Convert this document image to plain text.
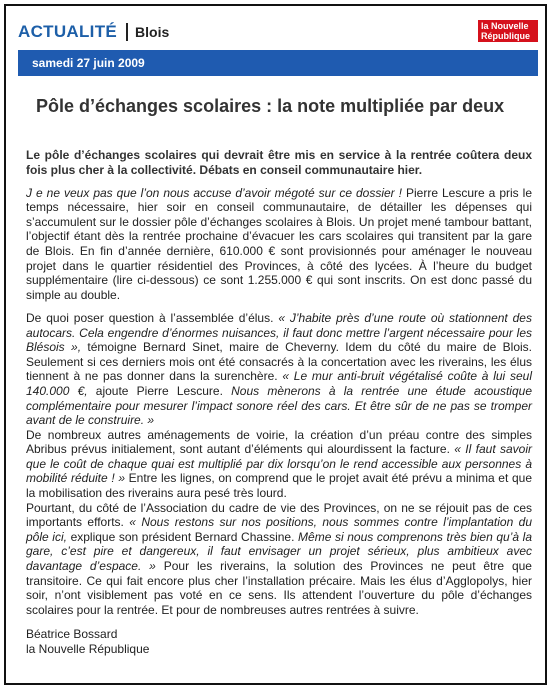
ACTUALITÉ Blois	la Nouvelle
République
samedi 27 juin 2009
Pôle d’échanges scolaires : la note multipliée par deux

Le pôle d’échanges scolaires qui devrait être mis en service à la rentrée coûtera deux fois plus cher à la collectivité. Débats en conseil communautaire hier.

J e ne veux pas que l’on nous accuse d’avoir mégoté sur ce dossier ! Pierre Lescure a pris le temps nécessaire, hier soir en conseil communautaire, de détailler les dépenses qui s’accumulent sur le dossier pôle d’échanges scolaires à Blois. Un projet mené tambour battant, l’objectif étant dès la rentrée prochaine d’évacuer les cars scolaires qui transitent par la gare de Blois. En fin d’année dernière, 610.000 € sont provisionnés pour aménager le nouveau projet dans le quartier résidentiel des Provinces, à côté des lycées. À l’heure du budget supplémentaire (lire ci-dessous) ce sont 1.255.000 € qui sont inscrits. On est donc passé du simple au double.

De quoi poser question à l’assemblée d’élus. « J’habite près d’une route où stationnent des autocars. Cela engendre d’énormes nuisances, il faut donc mettre l’argent nécessaire pour les Blésois », témoigne Bernard Sinet, maire de Cheverny. Idem du côté du maire de Blois. Seulement si ces derniers mois ont été consacrés à la concertation avec les riverains, les élus tiennent à ne pas donner dans la surenchère. « Le mur anti-bruit végétalisé coûte à lui seul 140.000 €, ajoute Pierre Lescure. Nous mènerons à la rentrée une étude acoustique complémentaire pour mesurer l’impact sonore réel des cars. Et être sûr de ne pas se tromper avant de le construire. »

De nombreux autres aménagements de voirie, la création d’un préau contre des simples Abribus prévus initialement, sont autant d’éléments qui alourdissent la facture. « Il faut savoir que le coût de chaque quai est multiplié par dix lorsqu’on le rend accessible aux personnes à mobilité réduite ! » Entre les lignes, on comprend que le projet avait été prévu a minima et que la mobilisation des riverains aura pesé très lourd.

Pourtant, du côté de l’Association du cadre de vie des Provinces, on ne se réjouit pas de ces importants efforts. « Nous restons sur nos positions, nous sommes contre l’implantation du pôle ici, explique son président Bernard Chassine. Même si nous comprenons très bien qu’à la gare, c’est pire et dangereux, il faut envisager un projet sérieux, plus ambitieux avec davantage d’espace. » Pour les riverains, la solution des Provinces ne peut être que transitoire. Ce qui fait encore plus cher l’installation précaire. Mais les élus d’Agglopolys, hier soir, n’ont visiblement pas voté en ce sens. Ils attendent l’ouverture du pôle d’échanges scolaires pour la rentrée. Et pour de nombreuses autres rentrées à suivre.

Béatrice Bossard

la Nouvelle République
